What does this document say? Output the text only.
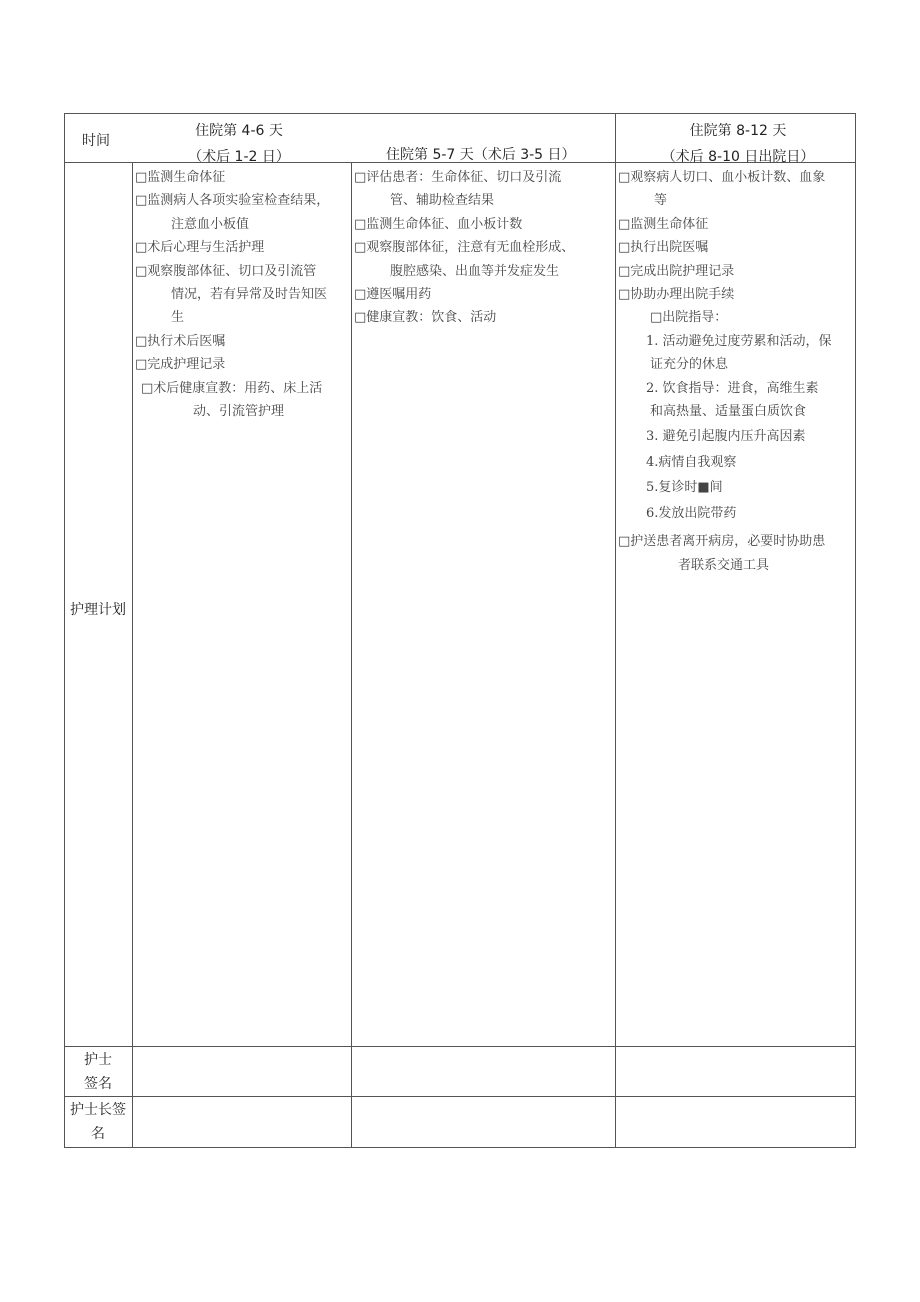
时间
住院第 4-6 天
（术后 1-2 日）	住院第 5-7 天（术后 3-5 日）
住院第 8-12 天
（术后 8-10 日出院日）
护理计划
护士
签名
护士长签
名
□监测生命体征
□监测病人各项实验室检查结果，
注意血小板值
□术后心理与生活护理
□观察腹部体征、切口及引流管
情况，若有异常及时告知医
生
□执行术后医嘱
□完成护理记录
□术后健康宣教：用药、床上活
动、引流管护理
□评估患者：生命体征、切口及引流
管、辅助检查结果
□监测生命体征、血小板计数
□观察腹部体征，注意有无血栓形成、
腹腔感染、出血等并发症发生
□遵医嘱用药
□健康宣教：饮食、活动
□观察病人切口、血小板计数、血象
等
□监测生命体征
□执行出院医嘱
□完成出院护理记录
□协助办理出院手续
□出院指导：
1. 活动避免过度劳累和活动，保
证充分的休息
2. 饮食指导：进食，高维生素
和高热量、适量蛋白质饮食
3. 避免引起腹内压升高因素
4.病情自我观察
5.复诊时■间
6.发放出院带药
□护送患者离开病房，必要时协助患
者联系交通工具
